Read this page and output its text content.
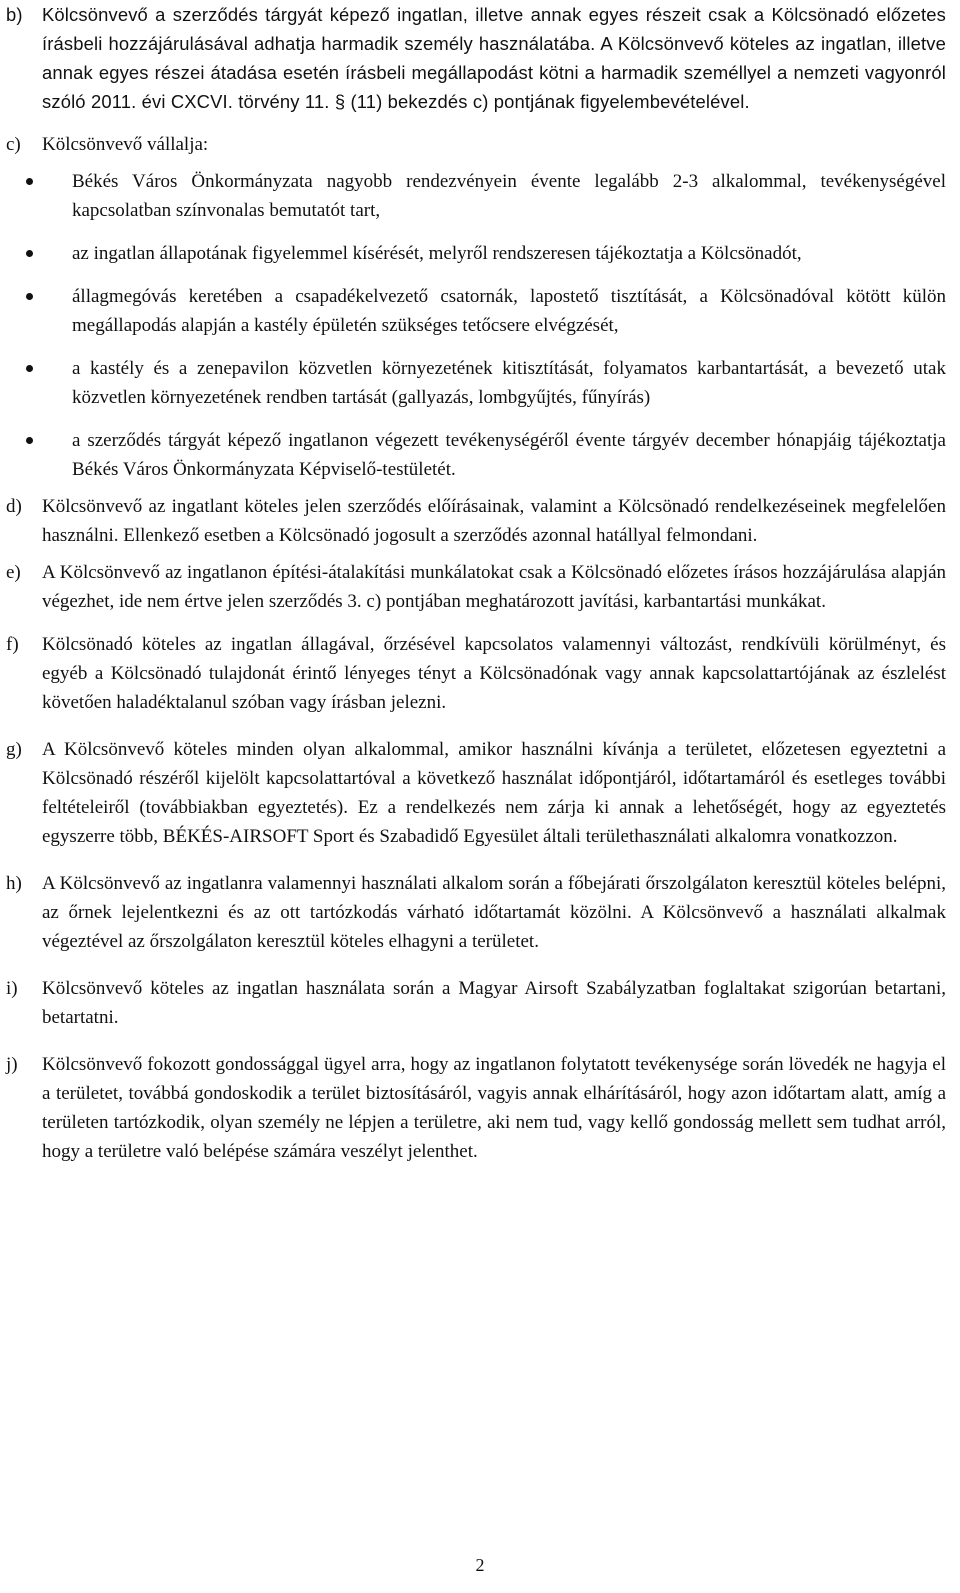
b)	Kölcsönvevő a szerződés tárgyát képező ingatlan, illetve annak egyes részeit csak a Kölcsönadó előzetes írásbeli hozzájárulásával adhatja harmadik személy használatába. A Kölcsönvevő köteles az ingatlan, illetve annak egyes részei átadása esetén írásbeli megállapodást kötni a harmadik személlyel a nemzeti vagyonról szóló 2011. évi CXCVI. törvény 11. § (11) bekezdés c) pontjának figyelembevételével.
c)	Kölcsönvevő vállalja:
Békés Város Önkormányzata nagyobb rendezvényein évente legalább 2-3 alkalommal, tevékenységével kapcsolatban színvonalas bemutatót tart,
az ingatlan állapotának figyelemmel kísérését, melyről rendszeresen tájékoztatja a Kölcsönadót,
állagmegóvás keretében a csapadékelvezető csatornák, lapostető tisztítását, a Kölcsönadóval kötött külön megállapodás alapján a kastély épületén szükséges tetőcsere elvégzését,
a kastély és a zenepavilon közvetlen környezetének kitisztítását, folyamatos karbantartását, a bevezető utak közvetlen környezetének rendben tartását (gallyazás, lombgyűjtés, fűnyírás)
a szerződés tárgyát képező ingatlanon végezett tevékenységéről évente tárgyév december hónapjáig tájékoztatja Békés Város Önkormányzata Képviselő-testületét.
d)	Kölcsönvevő az ingatlant köteles jelen szerződés előírásainak, valamint a Kölcsönadó rendelkezéseinek megfelelően használni. Ellenkező esetben a Kölcsönadó jogosult a szerződés azonnal hatállyal felmondani.
e)	A Kölcsönvevő az ingatlanon építési-átalakítási munkálatokat csak a Kölcsönadó előzetes írásos hozzájárulása alapján végezhet, ide nem értve jelen szerződés 3. c) pontjában meghatározott javítási, karbantartási munkákat.
f)	Kölcsönadó köteles az ingatlan állagával, őrzésével kapcsolatos valamennyi változást, rendkívüli körülményt, és egyéb a Kölcsönadó tulajdonát érintő lényeges tényt a Kölcsönadónak vagy annak kapcsolattartójának az észlelést követően haladéktalanul szóban vagy írásban jelezni.
g)	A Kölcsönvevő köteles minden olyan alkalommal, amikor használni kívánja a területet, előzetesen egyeztetni a Kölcsönadó részéről kijelölt kapcsolattartóval a következő használat időpontjáról, időtartamáról és esetleges további feltételeiről (továbbiakban egyeztetés). Ez a rendelkezés nem zárja ki annak a lehetőségét, hogy az egyeztetés egyszerre több, BÉKÉS-AIRSOFT Sport és Szabadidő Egyesület általi területhasználati alkalomra vonatkozzon.
h)	A Kölcsönvevő az ingatlanra valamennyi használati alkalom során a főbejárati őrszolgálaton keresztül köteles belépni, az őrnek lejelentkezni és az ott tartózkodás várható időtartamát közölni. A Kölcsönvevő a használati alkalmak végeztével az őrszolgálaton keresztül köteles elhagyni a területet.
i)	Kölcsönvevő köteles az ingatlan használata során a Magyar Airsoft Szabályzatban foglaltakat szigorúan betartani, betartatni.
j)	Kölcsönvevő fokozott gondossággal ügyel arra, hogy az ingatlanon folytatott tevékenysége során lövedék ne hagyja el a területet, továbbá gondoskodik a terület biztosításáról, vagyis annak elhárításáról, hogy azon időtartam alatt, amíg a területen tartózkodik, olyan személy ne lépjen a területre, aki nem tud, vagy kellő gondosság mellett sem tudhat arról, hogy a területre való belépése számára veszélyt jelenthet.
2
